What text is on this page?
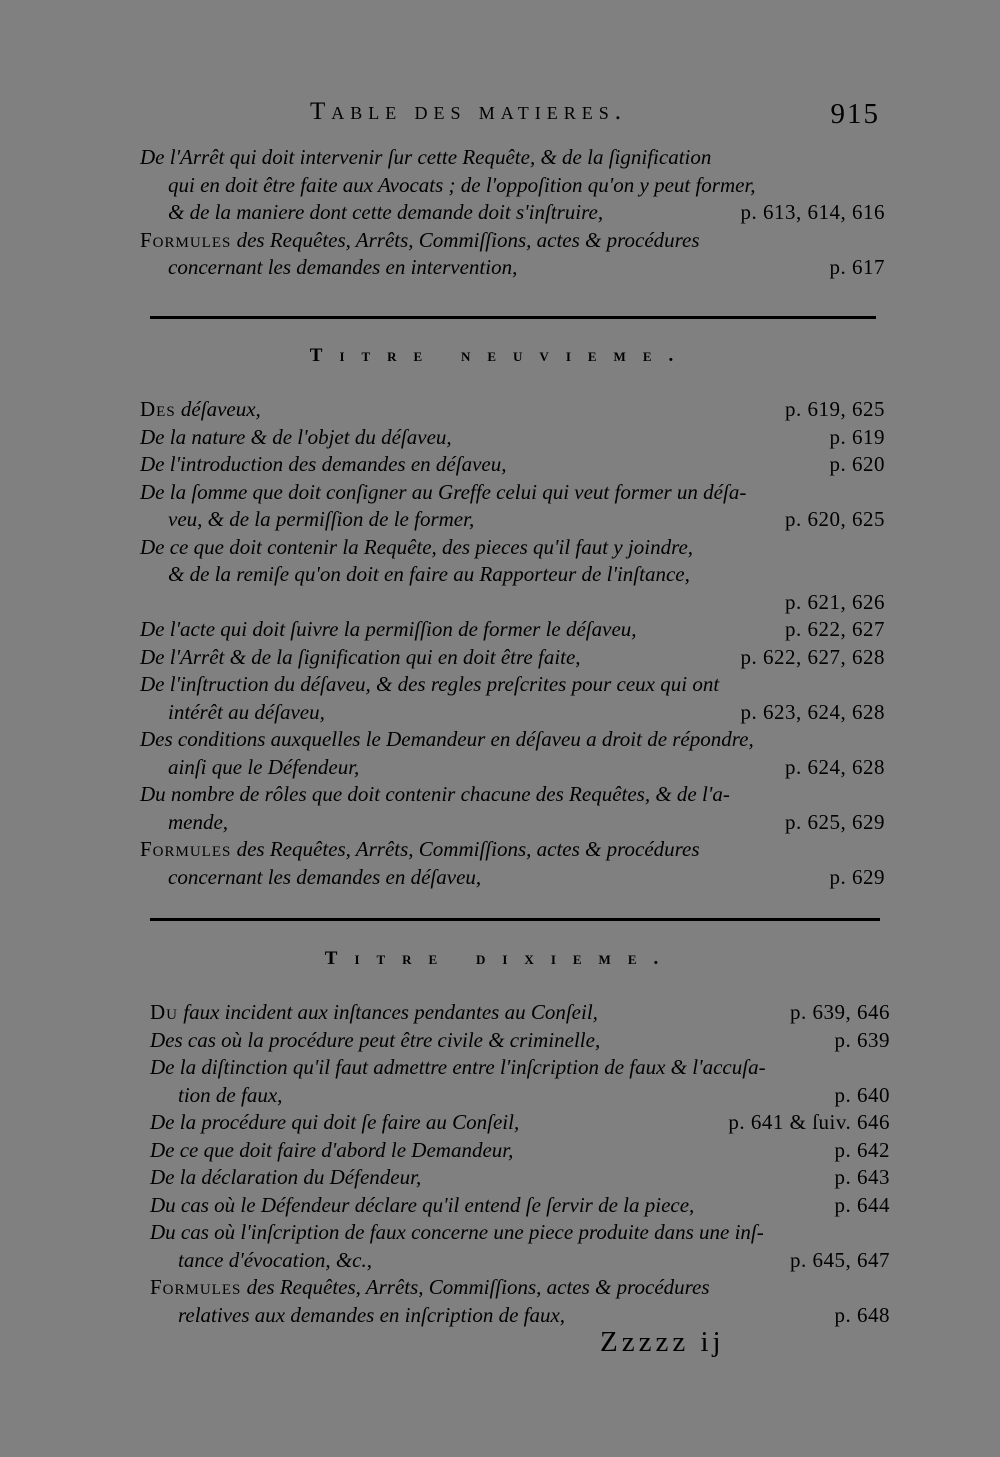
Table des matieres.	915
De l'Arrêt qui doit intervenir ſur cette Requête, & de la ſignification
qui en doit être faite aux Avocats ; de l'oppoſition qu'on y peut former,
& de la maniere dont cette demande doit s'inſtruire,	p. 613, 614, 616
Formules des Requêtes, Arrêts, Commiſſions, actes & procédures
concernant les demandes en intervention,	p. 617
Titre neuvieme.
Des déſaveux,	p. 619, 625
De la nature & de l'objet du déſaveu,	p. 619
De l'introduction des demandes en déſaveu,	p. 620
De la ſomme que doit conſigner au Greffe celui qui veut former un déſa-
veu, & de la permiſſion de le former,	p. 620, 625
De ce que doit contenir la Requête, des pieces qu'il faut y joindre,
& de la remiſe qu'on doit en faire au Rapporteur de l'inſtance,
p. 621, 626
De l'acte qui doit ſuivre la permiſſion de former le déſaveu,	p. 622, 627
De l'Arrêt & de la ſignification qui en doit être faite,	p. 622, 627, 628
De l'inſtruction du déſaveu, & des regles preſcrites pour ceux qui ont
intérêt au déſaveu,	p. 623, 624, 628
Des conditions auxquelles le Demandeur en déſaveu a droit de répondre,
ainſi que le Défendeur,	p. 624, 628
Du nombre de rôles que doit contenir chacune des Requêtes, & de l'a-
mende,	p. 625, 629
Formules des Requêtes, Arrêts, Commiſſions, actes & procédures
concernant les demandes en déſaveu,	p. 629
Titre dixieme.
Du faux incident aux inſtances pendantes au Conſeil,	p. 639, 646
Des cas où la procédure peut être civile & criminelle,	p. 639
De la diſtinction qu'il faut admettre entre l'inſcription de faux & l'accuſa-
tion de faux,	p. 640
De la procédure qui doit ſe faire au Conſeil,	p. 641 & ſuiv. 646
De ce que doit faire d'abord le Demandeur,	p. 642
De la déclaration du Défendeur,	p. 643
Du cas où le Défendeur déclare qu'il entend ſe ſervir de la piece,	p. 644
Du cas où l'inſcription de faux concerne une piece produite dans une inſ-
tance d'évocation, &c.,	p. 645, 647
Formules des Requêtes, Arrêts, Commiſſions, actes & procédures
relatives aux demandes en inſcription de faux,	p. 648
Zzzzz ij
